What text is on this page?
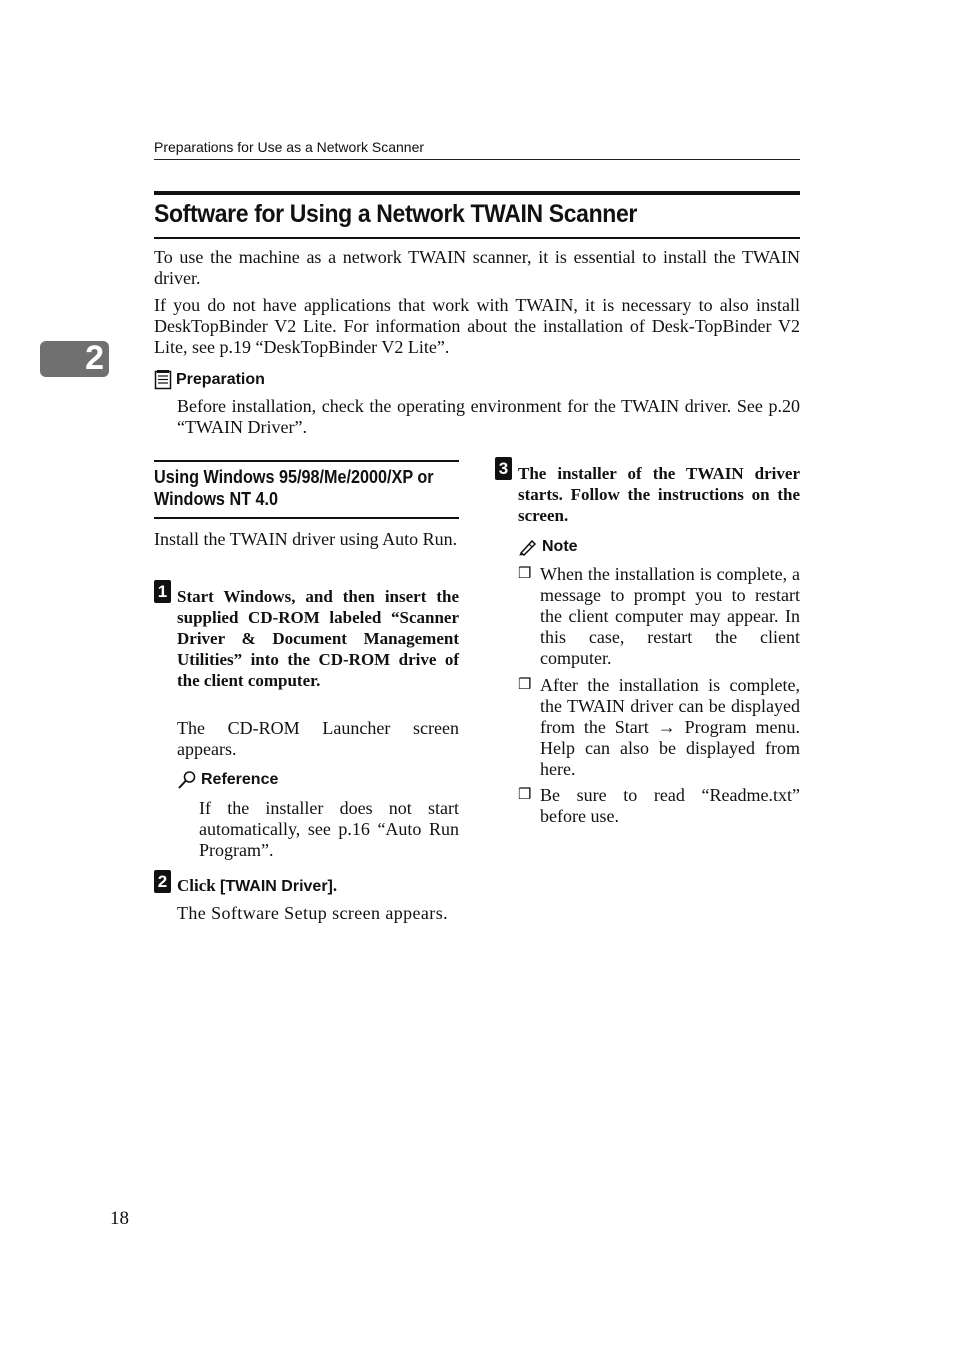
Preparations for Use as a Network Scanner
Software for Using a Network TWAIN Scanner
To use the machine as a network TWAIN scanner, it is essential to install the TWAIN driver.
If you do not have applications that work with TWAIN, it is necessary to also install DeskTopBinder V2 Lite. For information about the installation of Desk-TopBinder V2 Lite, see p.19 “DeskTopBinder V2 Lite”.
2
Preparation
Before installation, check the operating environment for the TWAIN driver. See p.20 “TWAIN Driver”.
Using Windows 95/98/Me/2000/XP or Windows NT 4.0
Install the TWAIN driver using Auto Run.
1 Start Windows, and then insert the supplied CD-ROM labeled “Scanner Driver & Document Management Utilities” into the CD-ROM drive of the client computer.
The CD-ROM Launcher screen appears.
Reference
If the installer does not start automatically, see p.16 “Auto Run Program”.
2 Click [TWAIN Driver].
The Software Setup screen appears.
3 The installer of the TWAIN driver starts. Follow the instructions on the screen.
Note
❒ When the installation is complete, a message to prompt you to restart the client computer may appear. In this case, restart the client computer.
❒ After the installation is complete, the TWAIN driver can be displayed from the Start → Program menu. Help can also be displayed from here.
❒ Be sure to read “Readme.txt” before use.
18
